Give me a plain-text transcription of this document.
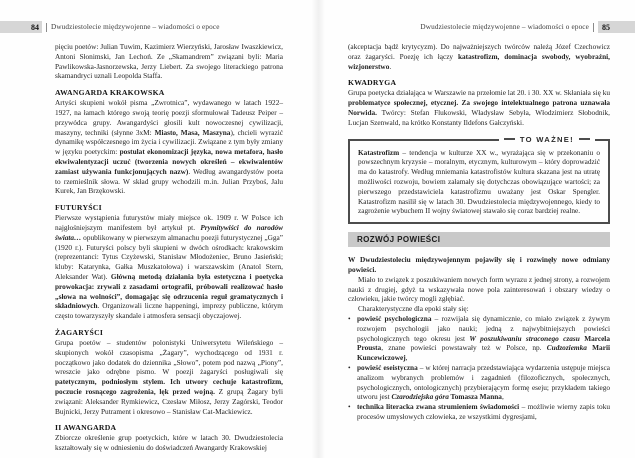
84 Dwudziestolecie międzywojenne – wiadomości o epoce

pięciu poetów: Julian Tuwim, Kazimierz Wierzyński, Jarosław Iwaszkiewicz, Antoni Słonimski, Jan Lechoń. Ze „Skamandrem” związani byli: Maria Pawlikowska-Jasnorzewska, Jerzy Liebert. Za swojego literackiego patrona skamandryci uznali Leopolda Staffa.

AWANGARDA KRAKOWSKA

Artyści skupieni wokół pisma „Zwrotnica”, wydawanego w latach 1922–1927, na łamach którego swoją teorię poezji sformułował Tadeusz Peiper – przywódca grupy. Awangardyści głosili kult nowoczesnej cywilizacji, maszyny, techniki (słynne 3xM: Miasto, Masa, Maszyna), chcieli wyrazić dynamikę współczesnego im życia i cywilizacji. Związane z tym były zmiany w języku poetyckim: postulat ekonomizacji języka, nowa metafora, hasło ekwiwalentyzacji uczuć (tworzenia nowych określeń – ekwiwalentów zamiast używania funkcjonujących nazw). Według awangardystów poeta to rzemieślnik słowa. W skład grupy wchodzili m.in. Julian Przyboś, Jalu Kurek, Jan Brzękowski.

FUTURYŚCI

Pierwsze wystąpienia futurystów miały miejsce ok. 1909 r. W Polsce ich najgłośniejszym manifestem był artykuł pt. Prymitywiści do narodów świata… opublikowany w pierwszym almanachu poezji futurystycznej „Gga” (1920 r.). Futuryści polscy byli skupieni w dwóch ośrodkach: krakowskim (reprezentanci: Tytus Czyżewski, Stanisław Młodożeniec, Bruno Jasieński; kluby: Katarynka, Gałka Muszkatołowa) i warszawskim (Anatol Stern, Aleksander Wat). Główną metodą działania była estetyczna i poetycka prowokacja: zrywali z zasadami ortografii, próbowali realizować hasło „słowa na wolności”, domagając się odrzucenia reguł gramatycznych i składniowych. Organizowali liczne happeningi, imprezy publiczne, którym często towarzyszyły skandale i atmosfera sensacji obyczajowej.

ŻAGARYŚCI

Grupa poetów – studentów polonistyki Uniwersytetu Wileńskiego – skupionych wokół czasopisma „Żagary”, wychodzącego od 1931 r. początkowo jako dodatek do dziennika „Słowo”, potem pod nazwą „Piony”, wreszcie jako odrębne pismo. W poezji żagaryści posługiwali się patetycznym, podniosłym stylem. Ich utwory cechuje katastrofizm, poczucie rosnącego zagrożenia, lęk przed wojną. Z grupą Żagary byli związani: Aleksander Rymkiewicz, Czesław Miłosz, Jerzy Zagórski, Teodor Bujnicki, Jerzy Putrament i okresowo – Stanisław Cat-Mackiewicz.

II AWANGARDA

Zbiorcze określenie grup poetyckich, które w latach 30. Dwudziestolecia kształtowały się w odniesieniu do doświadczeń Awangardy Krakowskiej

Dwudziestolecie międzywojenne – wiadomości o epoce 85

(akceptacja bądź krytycyzm). Do najważniejszych twórców należą Józef Czechowicz oraz żagaryści. Poezję ich łączy katastrofizm, dominacja swobody, wyobraźni, wizjonerstwo.

KWADRYGA

Grupa poetycka działająca w Warszawie na przełomie lat 20. i 30. XX w. Skłaniała się ku problematyce społecznej, etycznej. Za swojego intelektualnego patrona uznawała Norwida. Twórcy: Stefan Flukowski, Władysław Sebyła, Włodzimierz Słobodnik, Lucjan Szenwald, na krótko Konstanty Ildefons Gałczyński.

TO WAŻNE!

Katastrofizm – tendencja w kulturze XX w., wyrażająca się w przekonaniu o powszechnym kryzysie – moralnym, etycznym, kulturowym – który doprowadzić ma do katastrofy. Według mniemania katastrofistów kultura skazana jest na utratę możliwości rozwoju, bowiem załamały się dotychczas obowiązujące wartości; za pierwszego przedstawiciela katastrofizmu uważany jest Oskar Spengler. Katastrofizm nasilił się w latach 30. Dwudziestolecia międzywojennego, kiedy to zagrożenie wybuchem II wojny światowej stawało się coraz bardziej realne.

ROZWÓJ POWIEŚCI

W Dwudziestoleciu międzywojennym pojawiły się i rozwinęły nowe odmiany powieści.

Miało to związek z poszukiwaniem nowych form wyrazu z jednej strony, a rozwojem nauki z drugiej, gdyż ta wskazywała nowe pola zainteresowań i obszary wiedzy o człowieku, jakie twórcy mogli zgłębiać.

Charakterystyczne dla epoki stały się:

• powieść psychologiczna – rozwijała się dynamicznie, co miało związek z żywym rozwojem psychologii jako nauki; jedną z najwybitniejszych powieści psychologicznych tego okresu jest W poszukiwaniu straconego czasu Marcela Prousta, znane powieści powstawały też w Polsce, np. Cudzoziemka Marii Kuncewiczowej,
• powieść eseistyczna – w której narracja przedstawiająca wydarzenia ustępuje miejsca analizom wybranych problemów i zagadnień (filozoficznych, społecznych, psychologicznych, ontologicznych) przybierającym formę eseju; przykładem takiego utworu jest Czarodziejska góra Tomasza Manna,
• technika literacka zwana strumieniem świadomości – możliwie wierny zapis toku procesów umysłowych człowieka, ze wszystkimi dygresjami,
